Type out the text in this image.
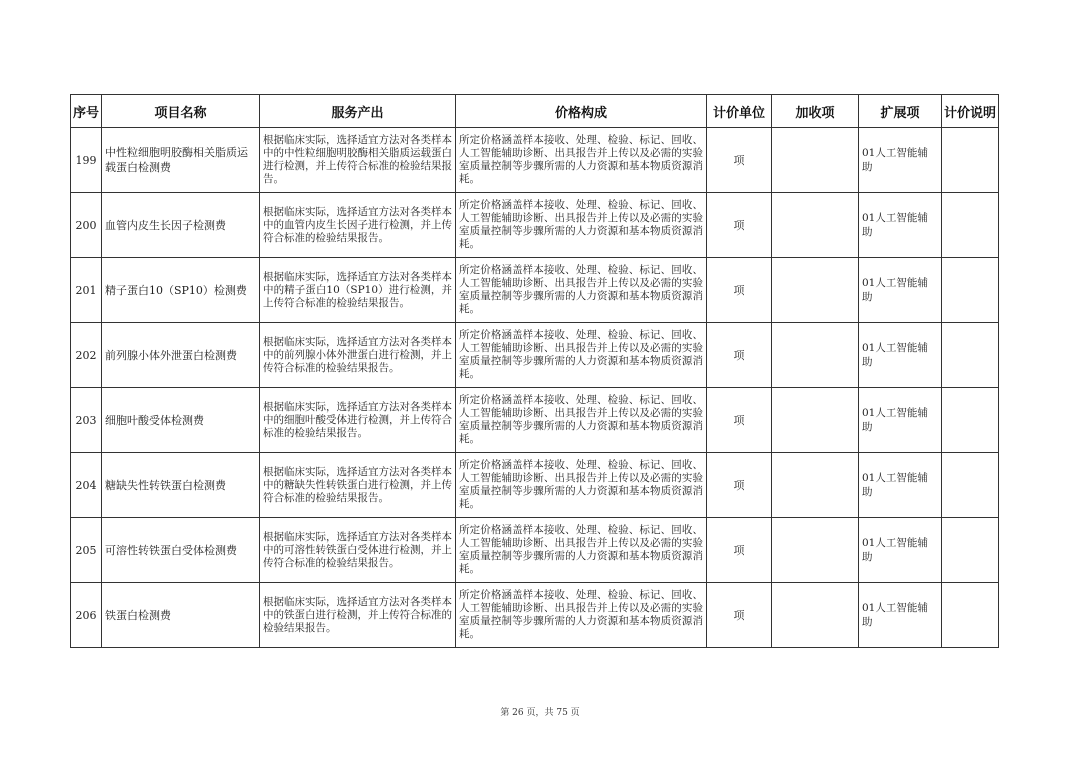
序号	项目名称	服务产出	价格构成	计价单位	加收项	扩展项	计价说明
199	中性粒细胞明胶酶相关脂质运载蛋白检测费	根据临床实际，选择适宜方法对各类样本中的中性粒细胞明胶酶相关脂质运载蛋白进行检测，并上传符合标准的检验结果报告。	所定价格涵盖样本接收、处理、检验、标记、回收、人工智能辅助诊断、出具报告并上传以及必需的实验室质量控制等步骤所需的人力资源和基本物质资源消耗。	项		01人工智能辅助	
200	血管内皮生长因子检测费	根据临床实际，选择适宜方法对各类样本中的血管内皮生长因子进行检测，并上传符合标准的检验结果报告。	所定价格涵盖样本接收、处理、检验、标记、回收、人工智能辅助诊断、出具报告并上传以及必需的实验室质量控制等步骤所需的人力资源和基本物质资源消耗。	项		01人工智能辅助	
201	精子蛋白10（SP10）检测费	根据临床实际，选择适宜方法对各类样本中的精子蛋白10（SP10）进行检测，并上传符合标准的检验结果报告。	所定价格涵盖样本接收、处理、检验、标记、回收、人工智能辅助诊断、出具报告并上传以及必需的实验室质量控制等步骤所需的人力资源和基本物质资源消耗。	项		01人工智能辅助	
202	前列腺小体外泄蛋白检测费	根据临床实际，选择适宜方法对各类样本中的前列腺小体外泄蛋白进行检测，并上传符合标准的检验结果报告。	所定价格涵盖样本接收、处理、检验、标记、回收、人工智能辅助诊断、出具报告并上传以及必需的实验室质量控制等步骤所需的人力资源和基本物质资源消耗。	项		01人工智能辅助	
203	细胞叶酸受体检测费	根据临床实际，选择适宜方法对各类样本中的细胞叶酸受体进行检测，并上传符合标准的检验结果报告。	所定价格涵盖样本接收、处理、检验、标记、回收、人工智能辅助诊断、出具报告并上传以及必需的实验室质量控制等步骤所需的人力资源和基本物质资源消耗。	项		01人工智能辅助	
204	糖缺失性转铁蛋白检测费	根据临床实际，选择适宜方法对各类样本中的糖缺失性转铁蛋白进行检测，并上传符合标准的检验结果报告。	所定价格涵盖样本接收、处理、检验、标记、回收、人工智能辅助诊断、出具报告并上传以及必需的实验室质量控制等步骤所需的人力资源和基本物质资源消耗。	项		01人工智能辅助	
205	可溶性转铁蛋白受体检测费	根据临床实际，选择适宜方法对各类样本中的可溶性转铁蛋白受体进行检测，并上传符合标准的检验结果报告。	所定价格涵盖样本接收、处理、检验、标记、回收、人工智能辅助诊断、出具报告并上传以及必需的实验室质量控制等步骤所需的人力资源和基本物质资源消耗。	项		01人工智能辅助	
206	铁蛋白检测费	根据临床实际，选择适宜方法对各类样本中的铁蛋白进行检测，并上传符合标准的检验结果报告。	所定价格涵盖样本接收、处理、检验、标记、回收、人工智能辅助诊断、出具报告并上传以及必需的实验室质量控制等步骤所需的人力资源和基本物质资源消耗。	项		01人工智能辅助	
第 26 页，共 75 页
